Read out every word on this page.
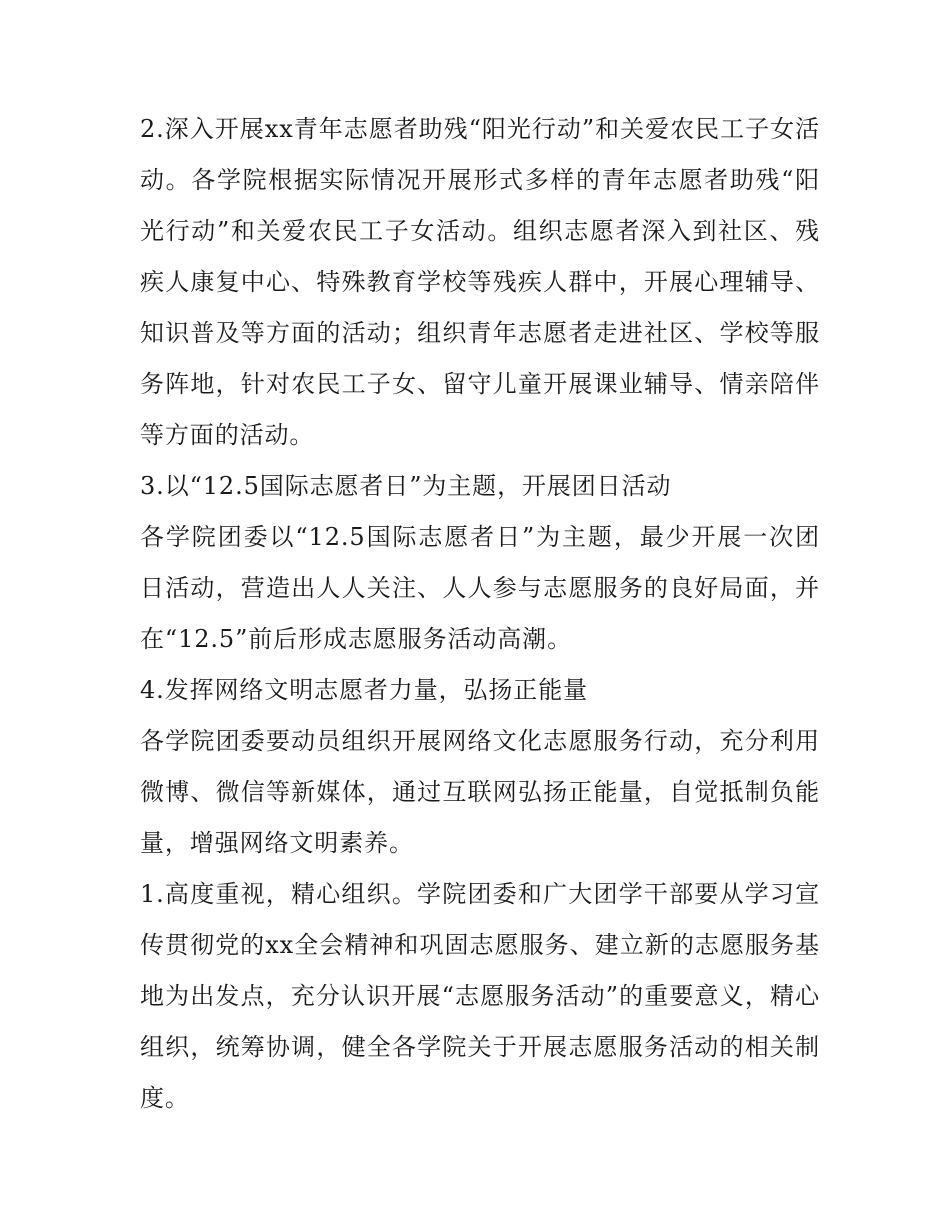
2.深入开展xx青年志愿者助残“阳光行动”和关爱农民工子女活动。各学院根据实际情况开展形式多样的青年志愿者助残“阳光行动”和关爱农民工子女活动。组织志愿者深入到社区、残疾人康复中心、特殊教育学校等残疾人群中，开展心理辅导、知识普及等方面的活动；组织青年志愿者走进社区、学校等服务阵地，针对农民工子女、留守儿童开展课业辅导、情亲陪伴等方面的活动。

3.以“12.5国际志愿者日”为主题，开展团日活动

各学院团委以“12.5国际志愿者日”为主题，最少开展一次团日活动，营造出人人关注、人人参与志愿服务的良好局面，并在“12.5”前后形成志愿服务活动高潮。

4.发挥网络文明志愿者力量，弘扬正能量

各学院团委要动员组织开展网络文化志愿服务行动，充分利用微博、微信等新媒体，通过互联网弘扬正能量，自觉抵制负能量，增强网络文明素养。

1.高度重视，精心组织。学院团委和广大团学干部要从学习宣传贯彻党的xx全会精神和巩固志愿服务、建立新的志愿服务基地为出发点，充分认识开展“志愿服务活动”的重要意义，精心组织，统筹协调，健全各学院关于开展志愿服务活动的相关制度。
